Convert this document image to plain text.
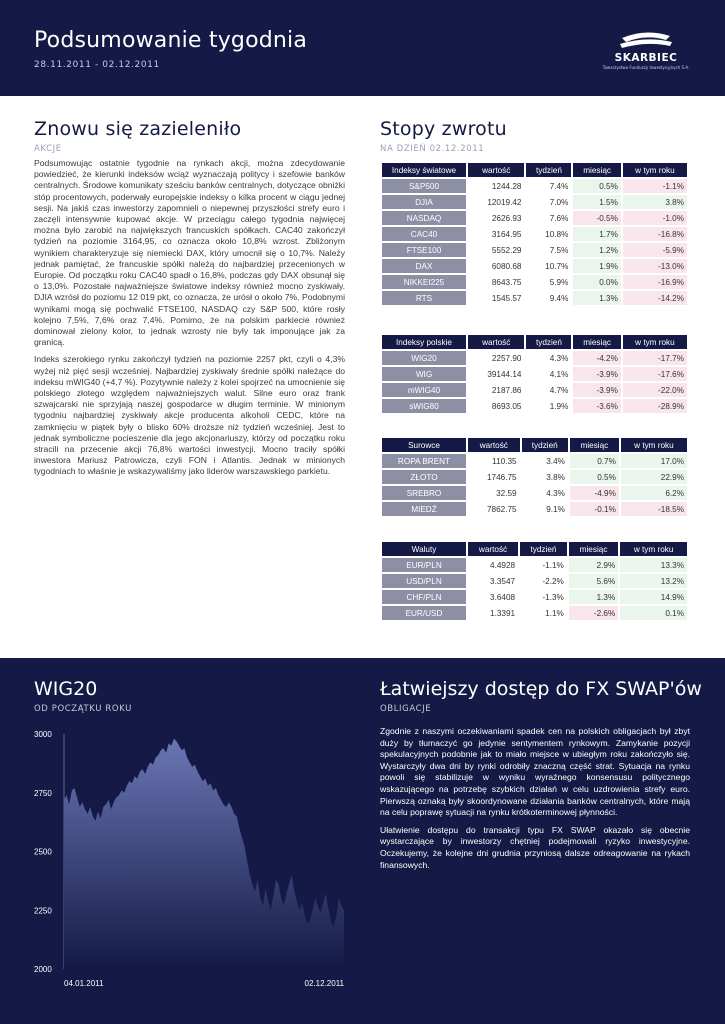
Podsumowanie tygodnia
28.11.2011 - 02.12.2011
SKARBIEC
Towarzystwo Funduszy Inwestycyjnych S.A.
Znowu się zazieleniło
AKCJE

Podsumowując ostatnie tygodnie na rynkach akcji, można zdecydowanie powiedzieć, że kierunki indeksów wciąż wyznaczają politycy i szefowie banków centralnych. Środowe komunikaty sześciu banków centralnych, dotyczące obniżki stóp procentowych, poderwały europejskie indeksy o kilka procent w ciągu jednej sesji. Na jakiś czas inwestorzy zapomnieli o niepewnej przyszłości strefy euro i zaczęli intensywnie kupować akcje. W przeciągu całego tygodnia najwięcej można było zarobić na największych francuskich spółkach. CAC40 zakończył tydzień na poziomie 3164,95, co oznacza około 10,8% wzrost. Zbliżonym wynikiem charakteryzuje się niemiecki DAX, który umocnił się o 10,7%. Należy jednak pamiętać, że francuskie spółki należą do najbardziej przecenionych w Europie. Od początku roku CAC40 spadł o 16,8%, podczas gdy DAX obsunął się o 13,0%. Pozostałe najważniejsze światowe indeksy również mocno zyskiwały. DJIA wzrósł do poziomu 12 019 pkt, co oznacza, że urósł o około 7%. Podobnymi wynikami mogą się pochwalić FTSE100, NASDAQ czy S&P 500, które rosły kolejno 7,5%, 7,6% oraz 7,4%. Pomimo, że na polskim parkiecie również dominował zielony kolor, to jednak wzrosty nie były tak imponujące jak za granicą.

Indeks szerokiego rynku zakończył tydzień na poziomie 2257 pkt, czyli o 4,3% wyżej niż pięć sesji wcześniej. Najbardziej zyskiwały średnie spółki należące do indeksu mWIG40 (+4,7 %). Pozytywnie należy z kolei spojrzeć na umocnienie się polskiego złotego względem najważniejszych walut. Silne euro oraz frank szwajcarski nie sprzyjają naszej gospodarce w długim terminie. W minionym tygodniu najbardziej zyskiwały akcje producenta alkoholi CEDC, które na zamknięciu w piątek były o blisko 60% droższe niż tydzień wcześniej. Jest to jednak symboliczne pocieszenie dla jego akcjonariuszy, którzy od początku roku stracili na przecenie akcji 76,8% wartości inwestycji. Mocno traciły spółki inwestora Mariusz Patrowicza, czyli FON i Atlantis. Jednak w minionych tygodniach to właśnie je wskazywaliśmy jako liderów warszawskiego parkietu.

Stopy zwrotu
NA DZIEŃ 02.12.2011
Indeksy światowe	wartość	tydzień	miesiąc	w tym roku
S&P500	1244.28	7.4%	0.5%	-1.1%
DJIA	12019.42	7.0%	1.5%	3.8%
NASDAQ	2626.93	7.6%	-0.5%	-1.0%
CAC40	3164.95	10.8%	1.7%	-16.8%
FTSE100	5552.29	7.5%	1.2%	-5.9%
DAX	6080.68	10.7%	1.9%	-13.0%
NIKKEI225	8643.75	5.9%	0.0%	-16.9%
RTS	1545.57	9.4%	1.3%	-14.2%
Indeksy polskie	wartość	tydzień	miesiąc	w tym roku
WIG20	2257.90	4.3%	-4.2%	-17.7%
WIG	39144.14	4.1%	-3.9%	-17.6%
mWIG40	2187.86	4.7%	-3.9%	-22.0%
sWIG80	8693.05	1.9%	-3.6%	-28.9%
Surowce	wartość	tydzień	miesiąc	w tym roku
ROPA BRENT	110.35	3.4%	0.7%	17.0%
ZŁOTO	1746.75	3.8%	0.5%	22.9%
SREBRO	32.59	4.3%	-4.9%	6.2%
MIEDŹ	7862.75	9.1%	-0.1%	-18.5%
Waluty	wartość	tydzień	miesiąc	w tym roku
EUR/PLN	4.4928	-1.1%	2.9%	13.3%
USD/PLN	3.3547	-2.2%	5.6%	13.2%
CHF/PLN	3.6408	-1.3%	1.3%	14.9%
EUR/USD	1.3391	1.1%	-2.6%	0.1%
WIG20
OD POCZĄTKU ROKU
3000
2750
2500
2250
2000
04.01.2011	02.12.2011
Łatwiejszy dostęp do FX SWAP'ów
OBLIGACJE

Zgodnie z naszymi oczekiwaniami spadek cen na polskich obligacjach był zbyt duży by tłumaczyć go jedynie sentymentem rynkowym. Zamykanie pozycji spekulacyjnych podobnie jak to miało miejsce w ubiegłym roku zakończyło się. Wystarczyły dwa dni by rynki odrobiły znaczną część strat. Sytuacja na rynku powoli się stabilizuje w wyniku wyraźnego konsensusu politycznego wskazującego na potrzebę szybkich działań w celu uzdrowienia strefy euro. Pierwszą oznaką były skoordynowane działania banków centralnych, które mają na celu poprawę sytuacji na rynku krótkoterminowej płynności.

Ułatwienie dostępu do transakcji typu FX SWAP okazało się obecnie wystarczające by inwestorzy chętniej podejmowali ryzyko inwestycyjne. Oczekujemy, że kolejne dni grudnia przyniosą dalsze odreagowanie na rykach finansowych.
